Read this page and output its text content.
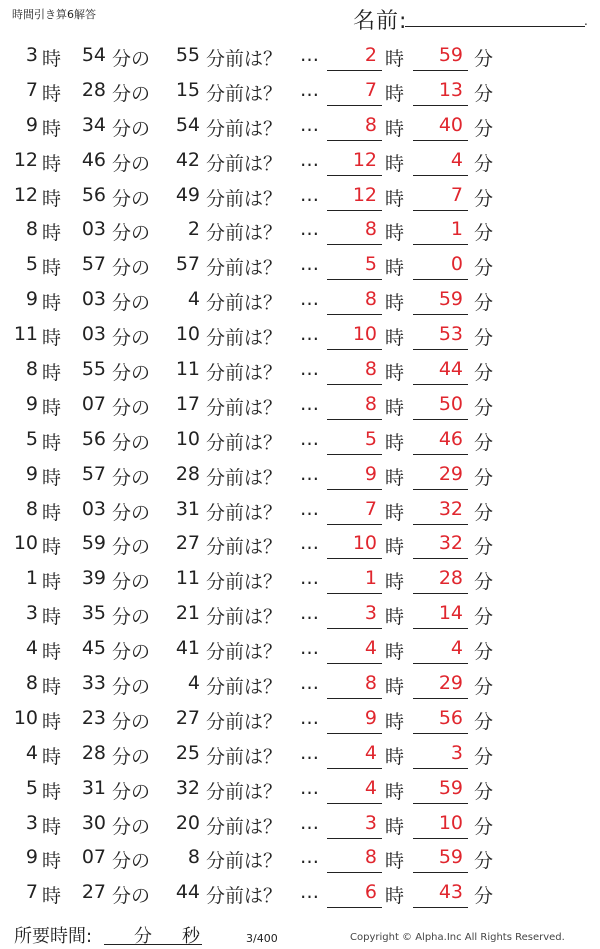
時間引き算6解答	名前:	.
3 時	54 分の	55 分前は？ …	2 時	59 分
7 時	28 分の	15 分前は？ …	7 時	13 分
9 時	34 分の	54 分前は？ …	8 時	40 分
12 時	46 分の	42 分前は？ …	12 時	4 分
12 時	56 分の	49 分前は？ …	12 時	7 分
8 時	03 分の	2 分前は？ …	8 時	1 分
5 時	57 分の	57 分前は？ …	5 時	0 分
9 時	03 分の	4 分前は？ …	8 時	59 分
11 時	03 分の	10 分前は？ …	10 時	53 分
8 時	55 分の	11 分前は？ …	8 時	44 分
9 時	07 分の	17 分前は？ …	8 時	50 分
5 時	56 分の	10 分前は？ …	5 時	46 分
9 時	57 分の	28 分前は？ …	9 時	29 分
8 時	03 分の	31 分前は？ …	7 時	32 分
10 時	59 分の	27 分前は？ …	10 時	32 分
1 時	39 分の	11 分前は？ …	1 時	28 分
3 時	35 分の	21 分前は？ …	3 時	14 分
4 時	45 分の	41 分前は？ …	4 時	4 分
8 時	33 分の	4 分前は？ …	8 時	29 分
10 時	23 分の	27 分前は？ …	9 時	56 分
4 時	28 分の	25 分前は？ …	4 時	3 分
5 時	31 分の	32 分前は？ …	4 時	59 分
3 時	30 分の	20 分前は？ …	3 時	10 分
9 時	07 分の	8 分前は？ …	8 時	59 分
7 時	27 分の	44 分前は？ …	6 時	43 分
所要時間: 分 秒	3/400	Copyright © Alpha.Inc All Rights Reserved.
